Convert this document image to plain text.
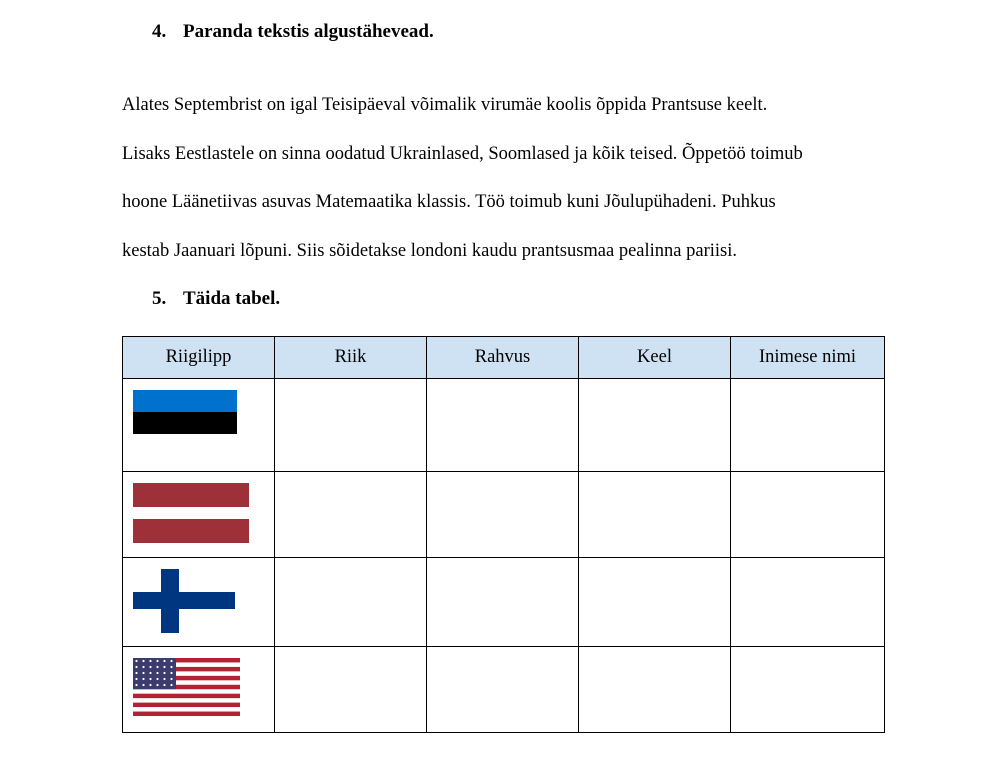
4. Paranda tekstis algustähevead.
Alates Septembrist on igal Teisipäeval võimalik virumäe koolis õppida Prantsuse keelt.
Lisaks Eestlastele on sinna oodatud Ukrainlased, Soomlased ja kõik teised. Õppetöö toimub
hoone Läänetiivas asuvas Matemaatika klassis. Töö toimub kuni Jõulupühadeni. Puhkus
kestab Jaanuari lõpuni. Siis sõidetakse londoni kaudu prantsusmaa pealinna pariisi.
5. Täida tabel.
Riigilipp	Riik	Rahvus	Keel	Inimese nimi
